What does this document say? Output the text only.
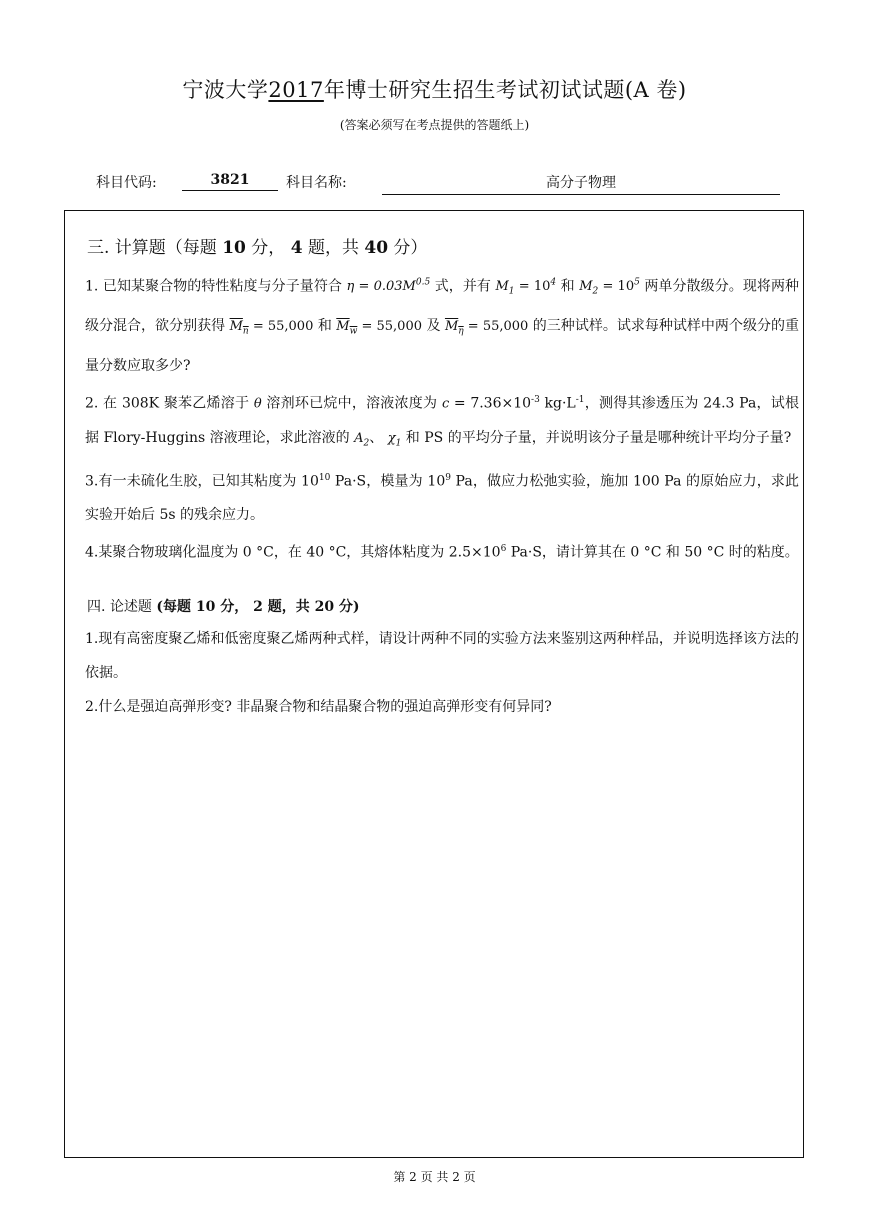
宁波大学2017年博士研究生招生考试初试试题(A 卷)
(答案必须写在考点提供的答题纸上)
科目代码:	3821	科目名称:	高分子物理
三. 计算题（每题 10 分， 4 题，共 40 分）

1. 已知某聚合物的特性粘度与分子量符合 $\eta = 0.03M^{0.5}$ 式，并有 $M_1 = 10^4$ 和 $M_2 = 10^5$ 两单分散级分。现将两种级分混合，欲分别获得 $M_n = 55,000$ 和 $M_w = 55,000$ 及 $M_\eta = 55,000$ 的三种试样。试求每种试样中两个级分的重量分数应取多少?

2. 在 308K 聚苯乙烯溶于 θ 溶剂环已烷中，溶液浓度为 $c = 7.36\times 10^{-3}$ $kg\cdot L^{-1}$，测得其渗透压为 24.3 Pa，试根据 Flory-Huggins 溶液理论，求此溶液的 $A_2$、 $\chi_1$ 和 PS 的平均分子量，并说明该分子量是哪种统计平均分子量?

3.有一未硫化生胶，已知其粘度为 $10^{10}$ Pa·S，模量为 $10^9$ Pa，做应力松弛实验，施加 100 Pa 的原始应力，求此实验开始后 5s 的残余应力。

4.某聚合物玻璃化温度为 0 °C，在 40 °C，其熔体粘度为 $2.5\times 10^6$ Pa·S，请计算其在 0 °C 和 50 °C 时的粘度。

四. 论述题 (每题 10 分， 2 题，共 20 分)

1.现有高密度聚乙烯和低密度聚乙烯两种式样，请设计两种不同的实验方法来鉴别这两种样品，并说明选择该方法的依据。

2.什么是强迫高弹形变? 非晶聚合物和结晶聚合物的强迫高弹形变有何异同?

第 2 页 共 2 页
